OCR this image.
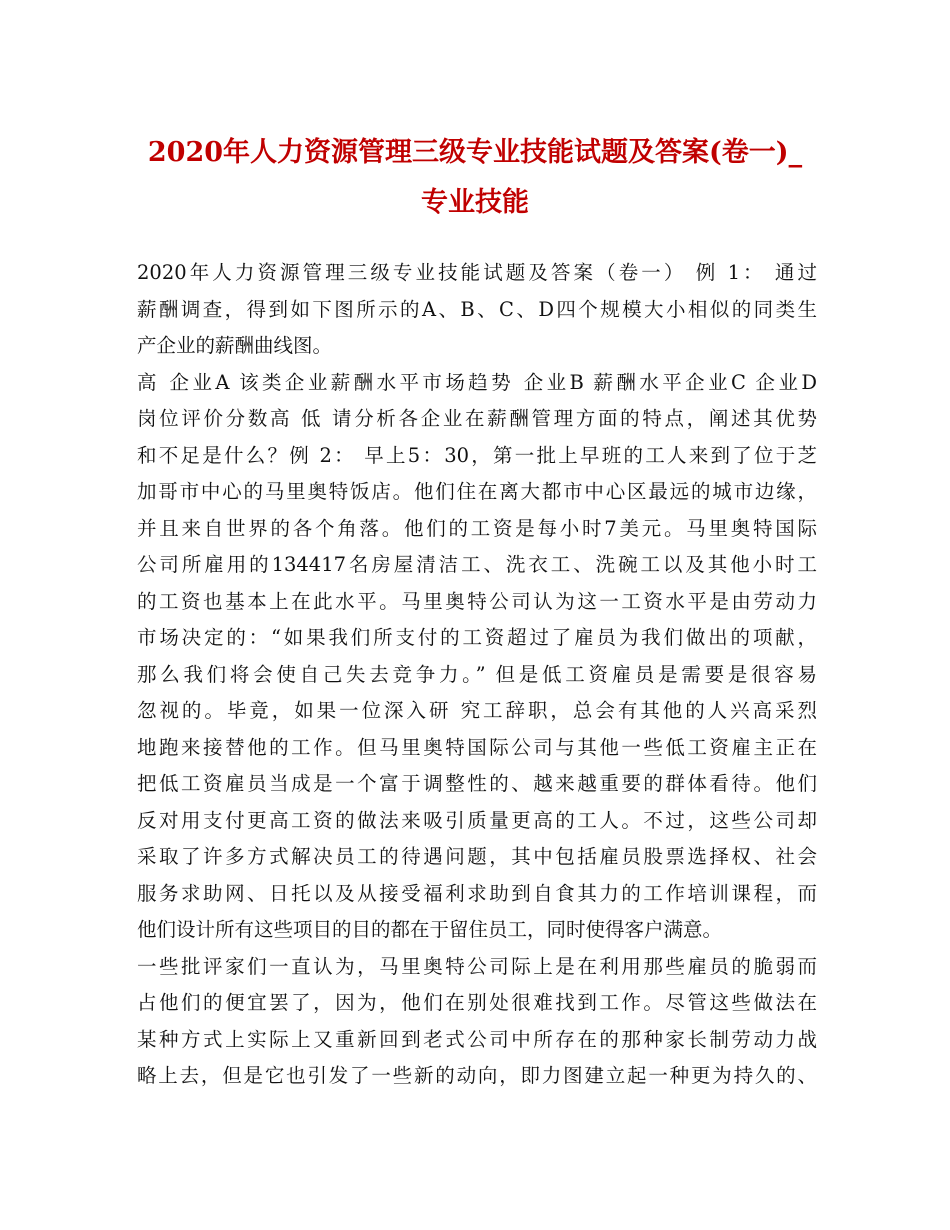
2020年人力资源管理三级专业技能试题及答案(卷一)_
专业技能
2020年人力资源管理三级专业技能试题及答案（卷一） 例 1： 通过
薪酬调查，得到如下图所示的A、B、C、D四个规模大小相似的同类生
产企业的薪酬曲线图。
高 企业A 该类企业薪酬水平市场趋势 企业B 薪酬水平企业C 企业D
岗位评价分数高 低 请分析各企业在薪酬管理方面的特点，阐述其优势
和不足是什么？例 2： 早上5：30，第一批上早班的工人来到了位于芝
加哥市中心的马里奥特饭店。他们住在离大都市中心区最远的城市边缘，
并且来自世界的各个角落。他们的工资是每小时7美元。马里奥特国际
公司所雇用的134417名房屋清洁工、洗衣工、洗碗工以及其他小时工
的工资也基本上在此水平。马里奥特公司认为这一工资水平是由劳动力
市场决定的：“如果我们所支付的工资超过了雇员为我们做出的项献，
那么我们将会使自己失去竞争力。” 但是低工资雇员是需要是很容易
忽视的。毕竟，如果一位深入研 究工辞职，总会有其他的人兴高采烈
地跑来接替他的工作。但马里奥特国际公司与其他一些低工资雇主正在
把低工资雇员当成是一个富于调整性的、越来越重要的群体看待。他们
反对用支付更高工资的做法来吸引质量更高的工人。不过，这些公司却
采取了许多方式解决员工的待遇问题，其中包括雇员股票选择权、社会
服务求助网、日托以及从接受福利求助到自食其力的工作培训课程，而
他们设计所有这些项目的目的都在于留住员工，同时使得客户满意。
一些批评家们一直认为，马里奥特公司际上是在利用那些雇员的脆弱而
占他们的便宜罢了，因为，他们在别处很难找到工作。尽管这些做法在
某种方式上实际上又重新回到老式公司中所存在的那种家长制劳动力战
略上去，但是它也引发了一些新的动向，即力图建立起一种更为持久的、
